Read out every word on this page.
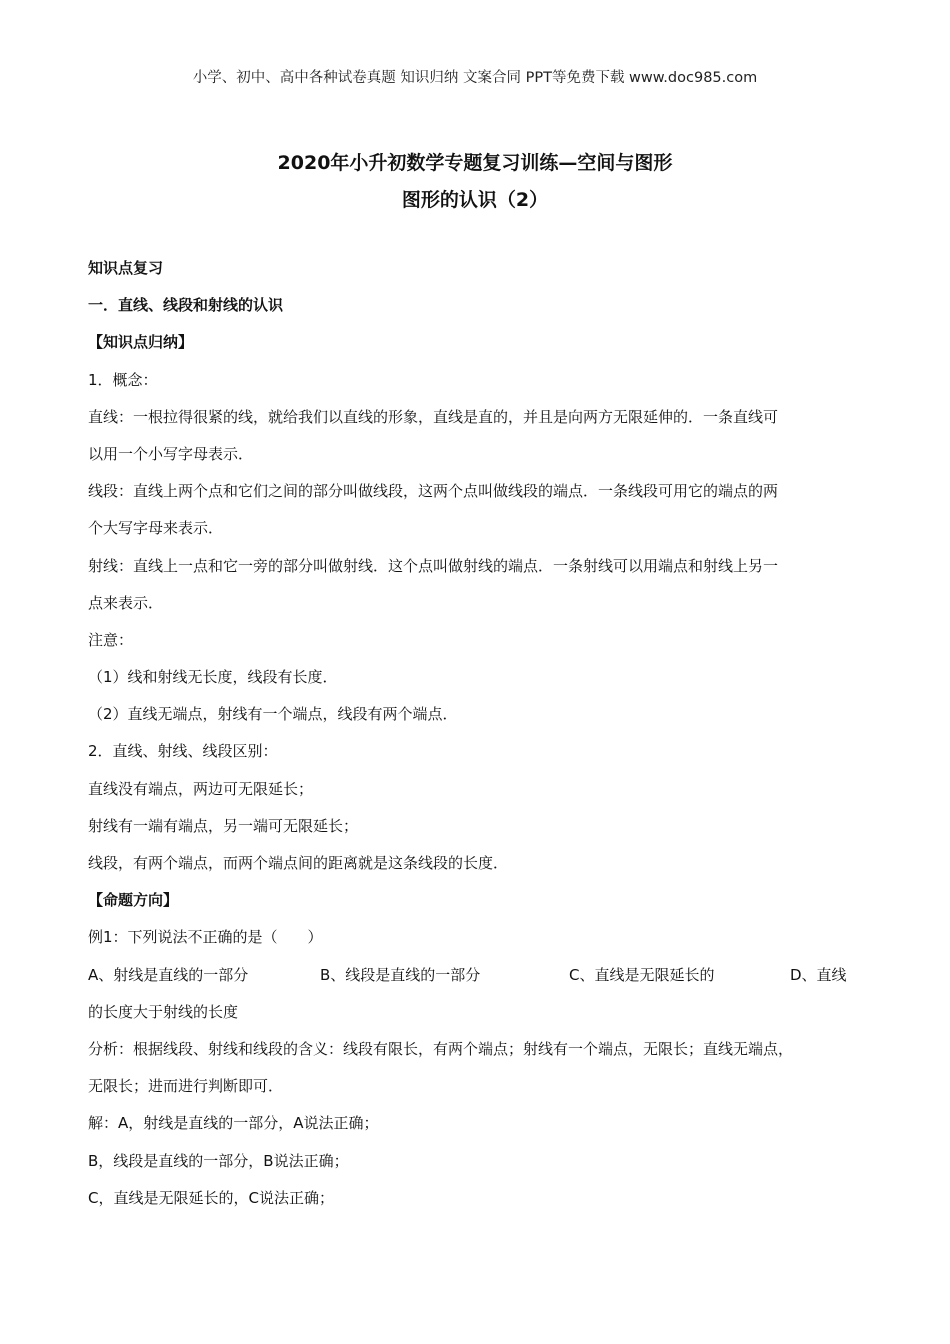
小学、初中、高中各种试卷真题 知识归纳 文案合同 PPT等免费下载 www.doc985.com
2020年小升初数学专题复习训练—空间与图形
图形的认识（2）
知识点复习
一．直线、线段和射线的认识
【知识点归纳】
1．概念：
直线：一根拉得很紧的线，就给我们以直线的形象，直线是直的，并且是向两方无限延伸的．一条直线可
以用一个小写字母表示．
线段：直线上两个点和它们之间的部分叫做线段，这两个点叫做线段的端点．一条线段可用它的端点的两
个大写字母来表示．
射线：直线上一点和它一旁的部分叫做射线．这个点叫做射线的端点．一条射线可以用端点和射线上另一
点来表示．
注意：
（1）线和射线无长度，线段有长度．
（2）直线无端点，射线有一个端点，线段有两个端点．
2．直线、射线、线段区别：
直线没有端点，两边可无限延长；
射线有一端有端点，另一端可无限延长；
线段，有两个端点，而两个端点间的距离就是这条线段的长度．
【命题方向】
例1：下列说法不正确的是（　　）
A、射线是直线的一部分	B、线段是直线的一部分	C、直线是无限延长的	D、直线
的长度大于射线的长度
分析：根据线段、射线和线段的含义：线段有限长，有两个端点；射线有一个端点，无限长；直线无端点，
无限长；进而进行判断即可．
解：A，射线是直线的一部分，A说法正确；
B，线段是直线的一部分，B说法正确；
C，直线是无限延长的，C说法正确；
